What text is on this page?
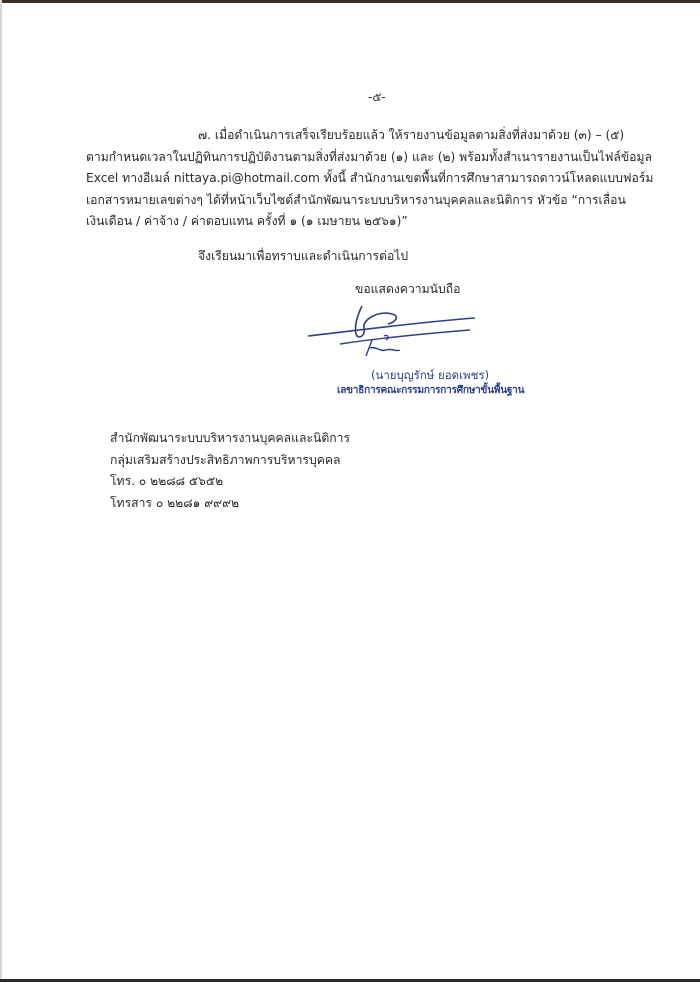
-๕-
๗. เมื่อดำเนินการเสร็จเรียบร้อยแล้ว ให้รายงานข้อมูลตามสิ่งที่ส่งมาด้วย (๓) – (๕)
ตามกำหนดเวลาในปฏิทินการปฏิบัติงานตามสิ่งที่ส่งมาด้วย (๑) และ (๒) พร้อมทั้งสำเนารายงานเป็นไฟล์ข้อมูล
Excel ทางอีเมล์ nittaya.pi@hotmail.com ทั้งนี้ สำนักงานเขตพื้นที่การศึกษาสามารถดาวน์โหลดแบบฟอร์ม
เอกสารหมายเลขต่างๆ ได้ที่หน้าเว็บไซต์สำนักพัฒนาระบบบริหารงานบุคคลและนิติการ หัวข้อ “การเลื่อน
เงินเดือน / ค่าจ้าง / ค่าตอบแทน ครั้งที่ ๑ (๑ เมษายน ๒๕๖๑)”
จึงเรียนมาเพื่อทราบและดำเนินการต่อไป
ขอแสดงความนับถือ
(นายบุญรักษ์ ยอดเพชร)
เลขาธิการคณะกรรมการการศึกษาขั้นพื้นฐาน
สำนักพัฒนาระบบบริหารงานบุคคลและนิติการ
กลุ่มเสริมสร้างประสิทธิภาพการบริหารบุคคล
โทร. ๐ ๒๒๘๘ ๕๖๕๒
โทรสาร ๐ ๒๒๘๑ ๙๙๙๒
